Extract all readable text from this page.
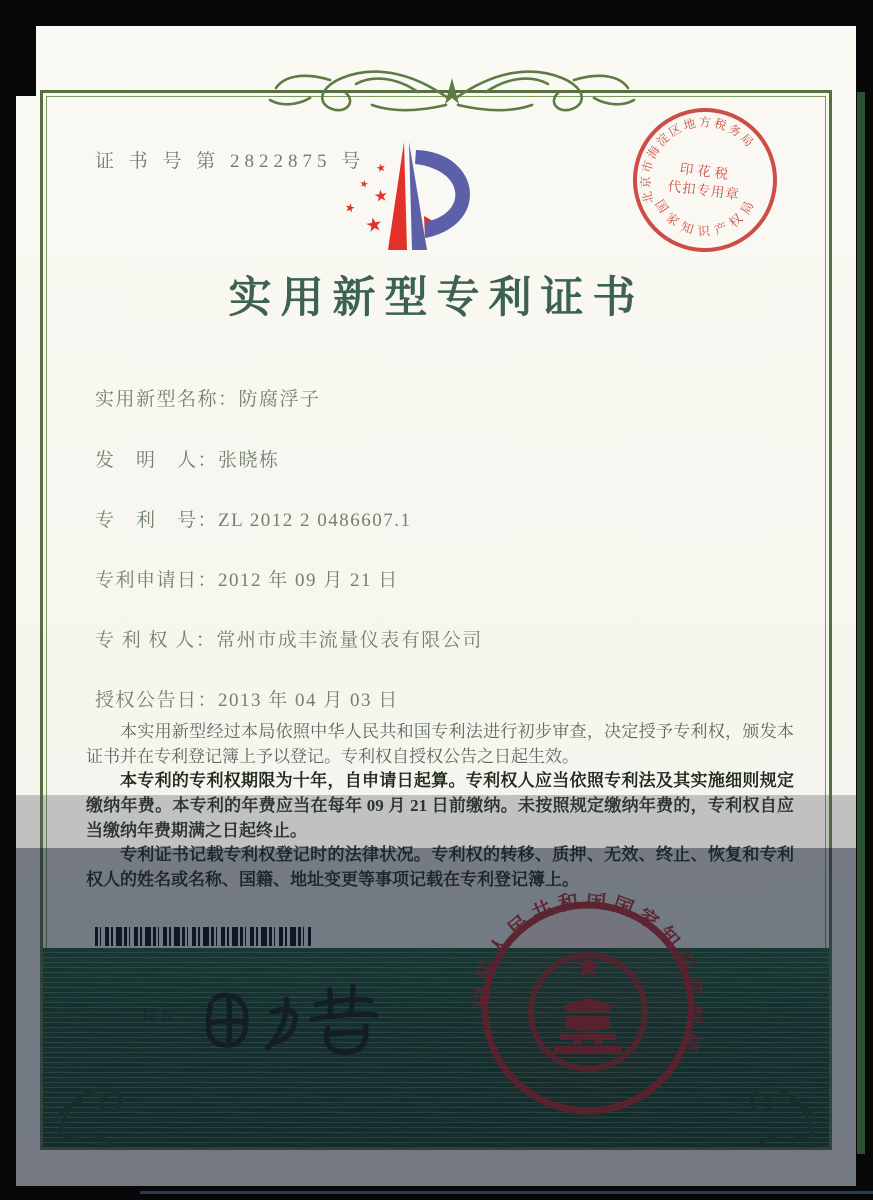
证 书 号 第 2822875 号
北京市海淀区地方税务局
国家知识产权局
印花税
代扣专用章
实用新型专利证书
实用新型名称：防腐浮子
发　明　人：张晓栋
专　利　号：ZL 2012 2 0486607.1
专利申请日：2012 年 09 月 21 日
专 利 权 人：常州市成丰流量仪表有限公司
授权公告日：2013 年 04 月 03 日

本实用新型经过本局依照中华人民共和国专利法进行初步审查，决定授予专利权，颁发本证书并在专利登记簿上予以登记。专利权自授权公告之日起生效。

本专利的专利权期限为十年，自申请日起算。专利权人应当依照专利法及其实施细则规定缴纳年费。本专利的年费应当在每年 09 月 21 日前缴纳。未按照规定缴纳年费的，专利权自应当缴纳年费期满之日起终止。
